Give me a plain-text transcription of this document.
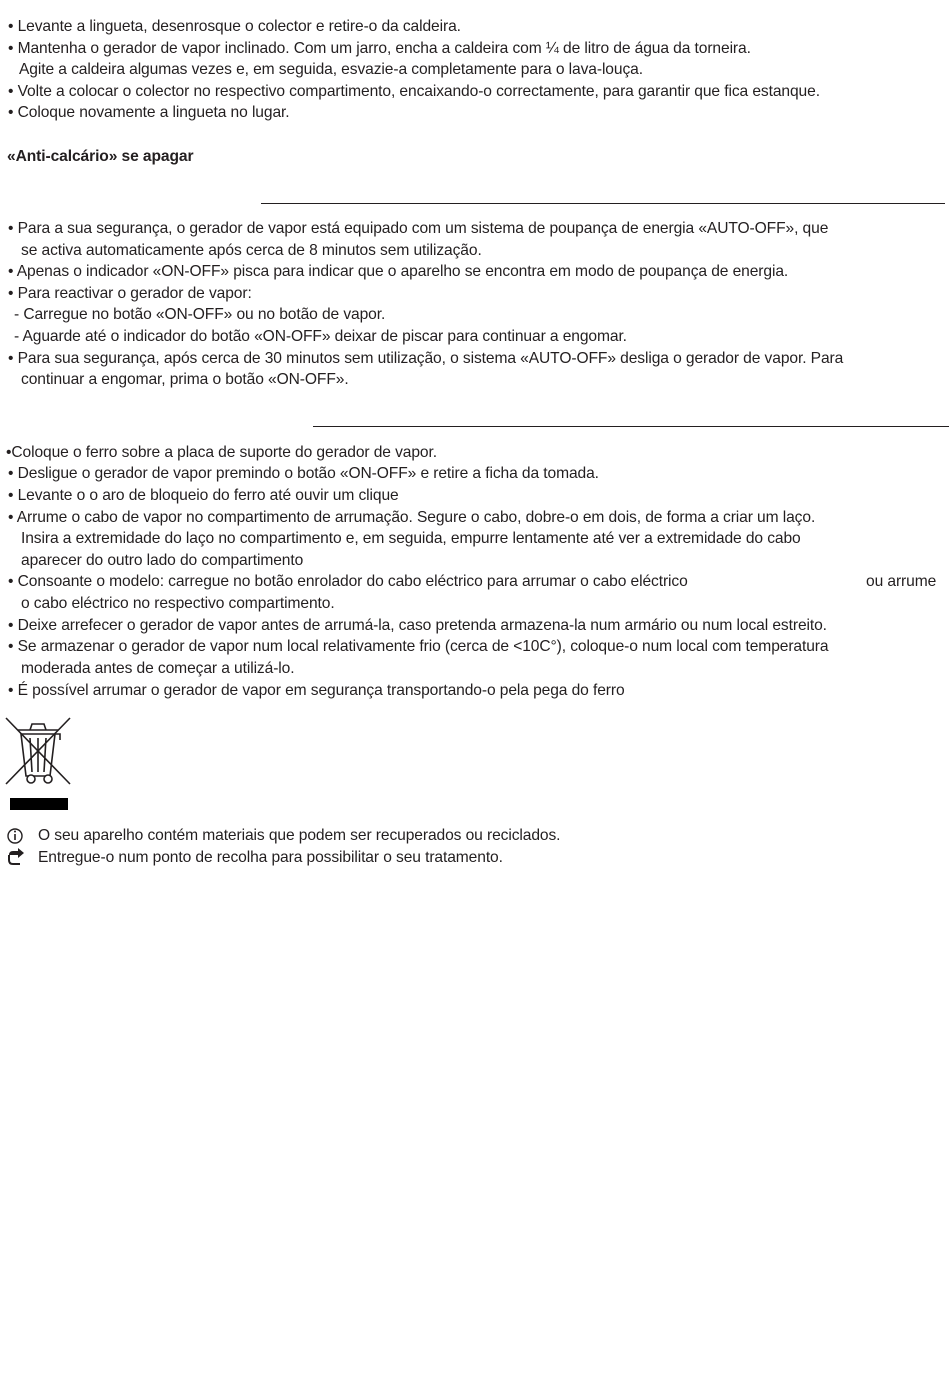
• Levante a lingueta, desenrosque o colector e retire-o da caldeira.
• Mantenha o gerador de vapor inclinado. Com um jarro, encha a caldeira com ¼ de litro de água da torneira.
Agite a caldeira algumas vezes e, em seguida, esvazie-a completamente para o lava-louça.
• Volte a colocar o colector no respectivo compartimento, encaixando-o correctamente, para garantir que fica estanque.
• Coloque novamente a lingueta no lugar.
«Anti-calcário» se apagar
• Para a sua segurança, o gerador de vapor está equipado com um sistema de poupança de energia «AUTO-OFF», que
se activa automaticamente após cerca de 8 minutos sem utilização.
• Apenas o indicador «ON-OFF» pisca para indicar que o aparelho se encontra em modo de poupança de energia.
• Para reactivar o gerador de vapor:
- Carregue no botão «ON-OFF» ou no botão de vapor.
- Aguarde até o indicador do botão «ON-OFF» deixar de piscar para continuar a engomar.
• Para sua segurança, após cerca de 30 minutos sem utilização, o sistema «AUTO-OFF» desliga o gerador de vapor. Para
continuar a engomar, prima o botão «ON-OFF».
•Coloque o ferro sobre a placa de suporte do gerador de vapor.
• Desligue o gerador de vapor premindo o botão «ON-OFF» e retire a ficha da tomada.
• Levante o o aro de bloqueio do ferro até ouvir um clique
• Arrume o cabo de vapor no compartimento de arrumação. Segure o cabo, dobre-o em dois, de forma a criar um laço.
Insira a extremidade do laço no compartimento e, em seguida, empurre lentamente até ver a extremidade do cabo
aparecer do outro lado do compartimento
• Consoante o modelo: carregue no botão enrolador do cabo eléctrico para arrumar o cabo eléctrico	ou arrume
o cabo eléctrico no respectivo compartimento.
• Deixe arrefecer o gerador de vapor antes de arrumá-la, caso pretenda armazena-la num armário ou num local estreito.
• Se armazenar o gerador de vapor num local relativamente frio (cerca de <10C°), coloque-o num local com temperatura
moderada antes de começar a utilizá-lo.
• É possível arrumar o gerador de vapor em segurança transportando-o pela pega do ferro
O seu aparelho contém materiais que podem ser recuperados ou reciclados.
Entregue-o num ponto de recolha para possibilitar o seu tratamento.
